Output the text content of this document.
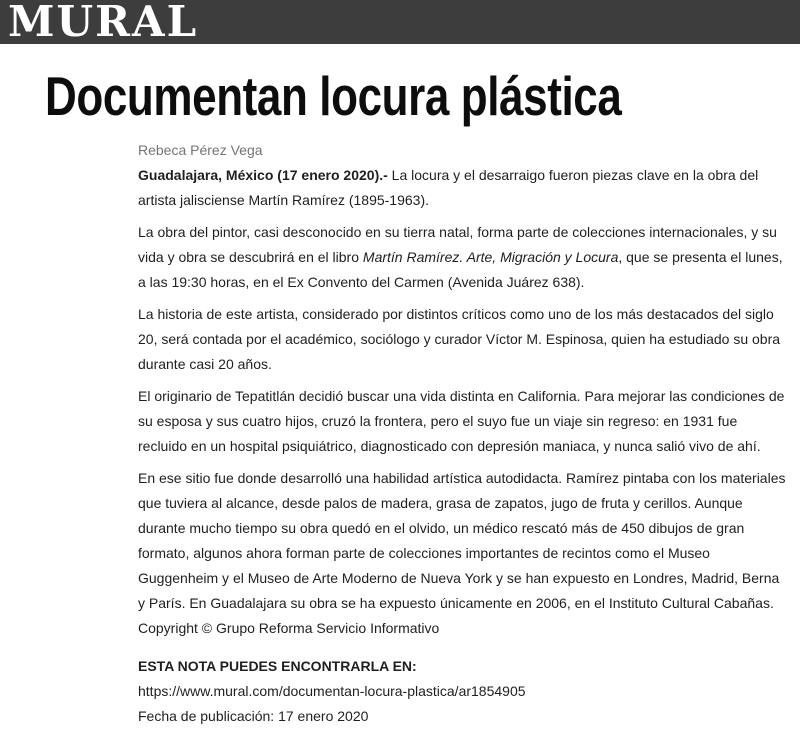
MURAL
Documentan locura plástica
Rebeca Pérez Vega

Guadalajara, México (17 enero 2020).- La locura y el desarraigo fueron piezas clave en la obra del artista jalisciense Martín Ramírez (1895-1963).

La obra del pintor, casi desconocido en su tierra natal, forma parte de colecciones internacionales, y su vida y obra se descubrirá en el libro Martín Ramírez. Arte, Migración y Locura, que se presenta el lunes, a las 19:30 horas, en el Ex Convento del Carmen (Avenida Juárez 638).

La historia de este artista, considerado por distintos críticos como uno de los más destacados del siglo 20, será contada por el académico, sociólogo y curador Víctor M. Espinosa, quien ha estudiado su obra durante casi 20 años.

El originario de Tepatitlán decidió buscar una vida distinta en California. Para mejorar las condiciones de su esposa y sus cuatro hijos, cruzó la frontera, pero el suyo fue un viaje sin regreso: en 1931 fue recluido en un hospital psiquiátrico, diagnosticado con depresión maniaca, y nunca salió vivo de ahí.

En ese sitio fue donde desarrolló una habilidad artística autodidacta. Ramírez pintaba con los materiales que tuviera al alcance, desde palos de madera, grasa de zapatos, jugo de fruta y cerillos. Aunque durante mucho tiempo su obra quedó en el olvido, un médico rescató más de 450 dibujos de gran formato, algunos ahora forman parte de colecciones importantes de recintos como el Museo Guggenheim y el Museo de Arte Moderno de Nueva York y se han expuesto en Londres, Madrid, Berna y París. En Guadalajara su obra se ha expuesto únicamente en 2006, en el Instituto Cultural Cabañas.

Copyright © Grupo Reforma Servicio Informativo

ESTA NOTA PUEDES ENCONTRARLA EN:
https://www.mural.com/documentan-locura-plastica/ar1854905
Fecha de publicación: 17 enero 2020
